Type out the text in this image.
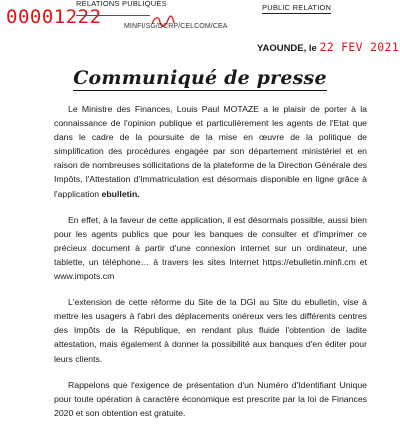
00001222
RELATIONS PUBLIQUES	PUBLIC RELATION
MINFI/SG/DCRP/CELCOM/CEA
YAOUNDE, le 22 FEV 2021
Communiqué de presse

Le Ministre des Finances, Louis Paul MOTAZE a le plaisir de porter à la connaissance de l'opinion publique et particulièrement les agents de l'Etat que dans le cadre de la poursuite de la mise en œuvre de la politique de simplification des procédures engagée par son département ministériel et en raison de nombreuses sollicitations de la plateforme de la Direction Générale des Impôts, l'Attestation d'Immatriculation est désormais disponible en ligne grâce à l'application ebulletin.

En effet, à la faveur de cette application, il est désormais possible, aussi bien pour les agents publics que pour les banques de consulter et d'imprimer ce précieux document à partir d'une connexion internet sur un ordinateur, une tablette, un téléphone… à travers les sites Internet https://ebulletin.minfi.cm et www.impots.cm

L'extension de cette réforme du Site de la DGI au Site du ebulletin, vise à mettre les usagers à l'abri des déplacements onéreux vers les différents centres des Impôts de la République, en rendant plus fluide l'obtention de ladite attestation, mais également à donner la possibilité aux banques d'en éditer pour leurs clients.

Rappelons que l'exigence de présentation d'un Numéro d'Identifiant Unique pour toute opération à caractère économique est prescrite par la loi de Finances 2020 et son obtention est gratuite.
